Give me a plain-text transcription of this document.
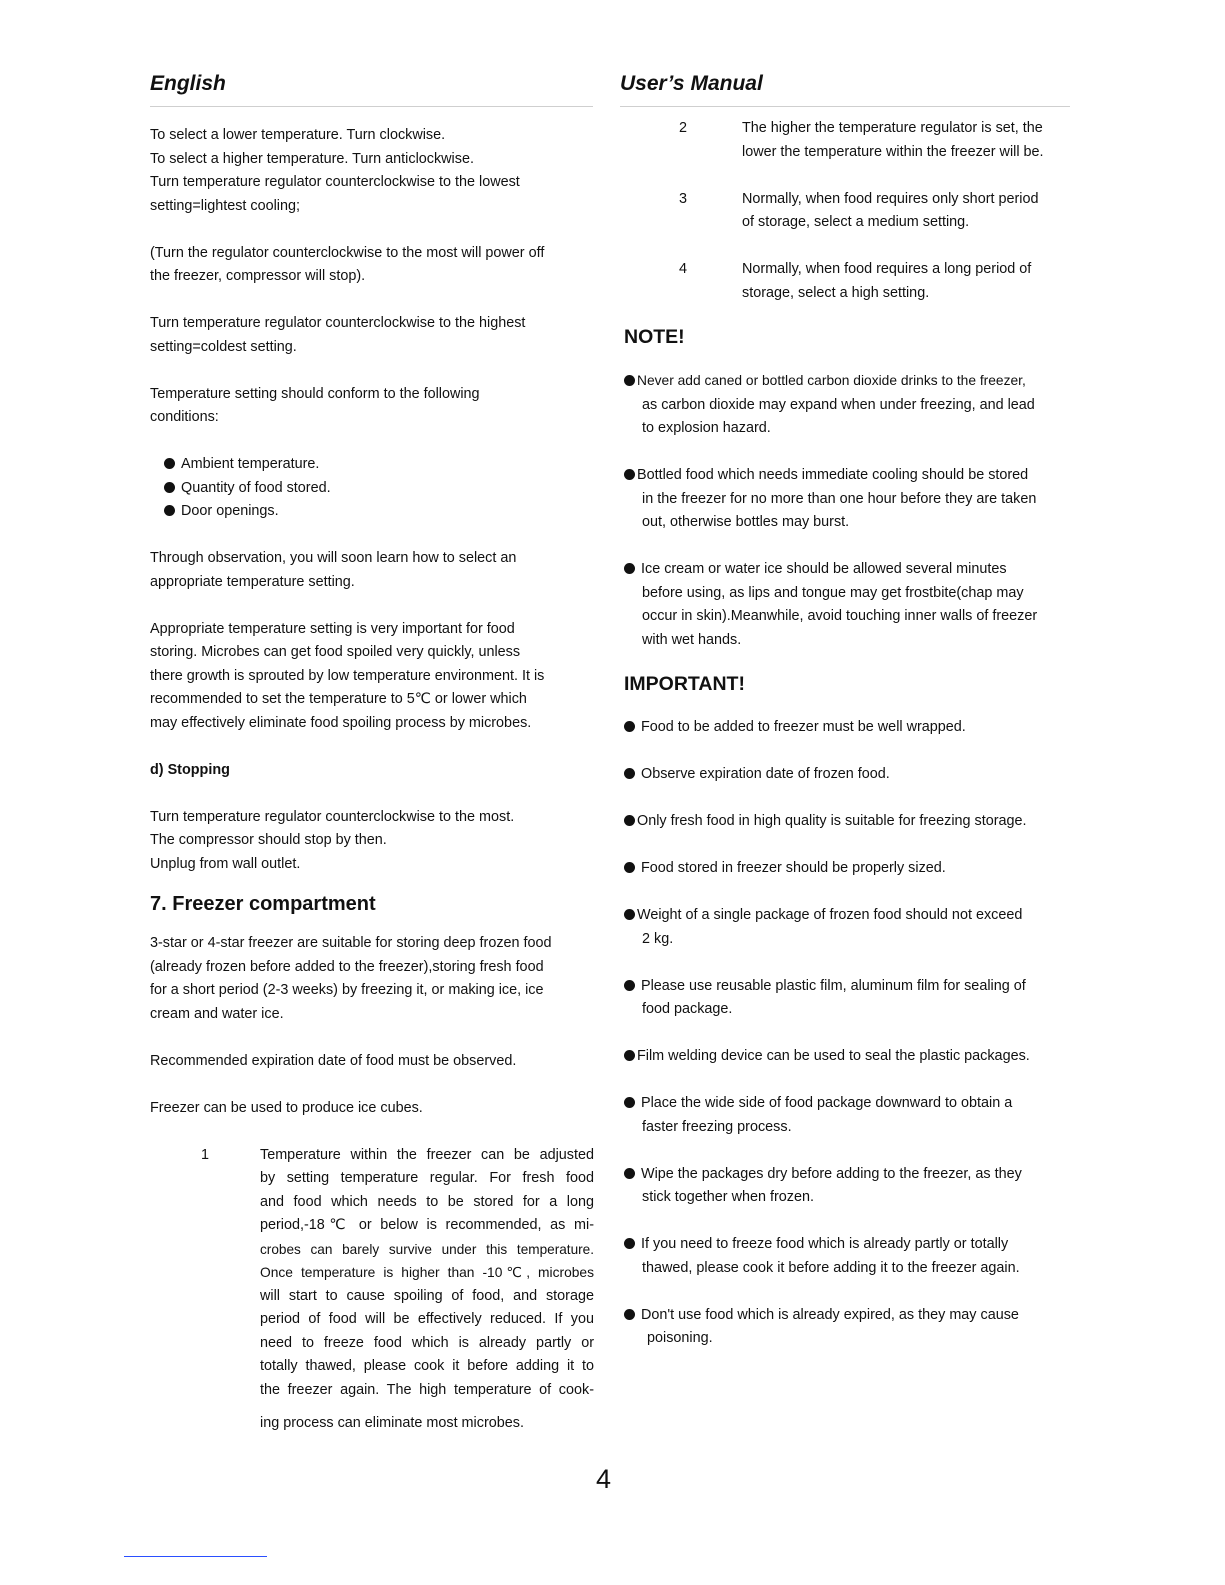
English	User’s Manual

To select a lower temperature. Turn clockwise.

To select a higher temperature. Turn anticlockwise.

Turn temperature regulator counterclockwise to the lowest

setting=lightest cooling;

(Turn the regulator counterclockwise to the most will power off

the freezer, compressor will stop).

Turn temperature regulator counterclockwise to the highest

setting=coldest setting.

Temperature setting should conform to the following

conditions:

Ambient temperature.

Quantity of food stored.

Door openings.

Through observation, you will soon learn how to select an

appropriate temperature setting.

Appropriate temperature setting is very important for food

storing. Microbes can get food spoiled very quickly, unless

there growth is sprouted by low temperature environment. It is

recommended to set the temperature to 5℃ or lower which

may effectively eliminate food spoiling process by microbes.

d) Stopping

Turn temperature regulator counterclockwise to the most.

The compressor should stop by then.

Unplug from wall outlet.

7. Freezer compartment

3-star or 4-star freezer are suitable for storing deep frozen food

(already frozen before added to the freezer),storing fresh food

for a short period (2-3 weeks) by freezing it, or making ice, ice

cream and water ice.

Recommended expiration date of food must be observed.

Freezer can be used to produce ice cubes.

1	Temperature within the freezer can be adjusted

by setting temperature regular. For fresh food

and food which needs to be stored for a long

period,-18℃ or below is recommended, as mi-

crobes can barely survive under this temperature.

Once temperature is higher than -10℃, microbes

will start to cause spoiling of food, and storage

period of food will be effectively reduced. If you

need to freeze food which is already partly or

totally thawed, please cook it before adding it to

the freezer again. The high temperature of cook-

ing process can eliminate most microbes.

2	The higher the temperature regulator is set, the

lower the temperature within the freezer will be.

3	Normally, when food requires only short period

of storage, select a medium setting.

4	Normally, when food requires a long period of

storage, select a high setting.

NOTE!

Never add caned or bottled carbon dioxide drinks to the freezer,

as carbon dioxide may expand when under freezing, and lead

to explosion hazard.

Bottled food which needs immediate cooling should be stored

in the freezer for no more than one hour before they are taken

out, otherwise bottles may burst.

Ice cream or water ice should be allowed several minutes

before using, as lips and tongue may get frostbite(chap may

occur in skin).Meanwhile, avoid touching inner walls of freezer

with wet hands.

IMPORTANT!

Food to be added to freezer must be well wrapped.

Observe expiration date of frozen food.

Only fresh food in high quality is suitable for freezing storage.

Food stored in freezer should be properly sized.

Weight of a single package of frozen food should not exceed

2 kg.

Please use reusable plastic film, aluminum film for sealing of

food package.

Film welding device can be used to seal the plastic packages.

Place the wide side of food package downward to obtain a

faster freezing process.

Wipe the packages dry before adding to the freezer, as they

stick together when frozen.

If you need to freeze food which is already partly or totally

thawed, please cook it before adding it to the freezer again.

Don't use food which is already expired, as they may cause

poisoning.

4
